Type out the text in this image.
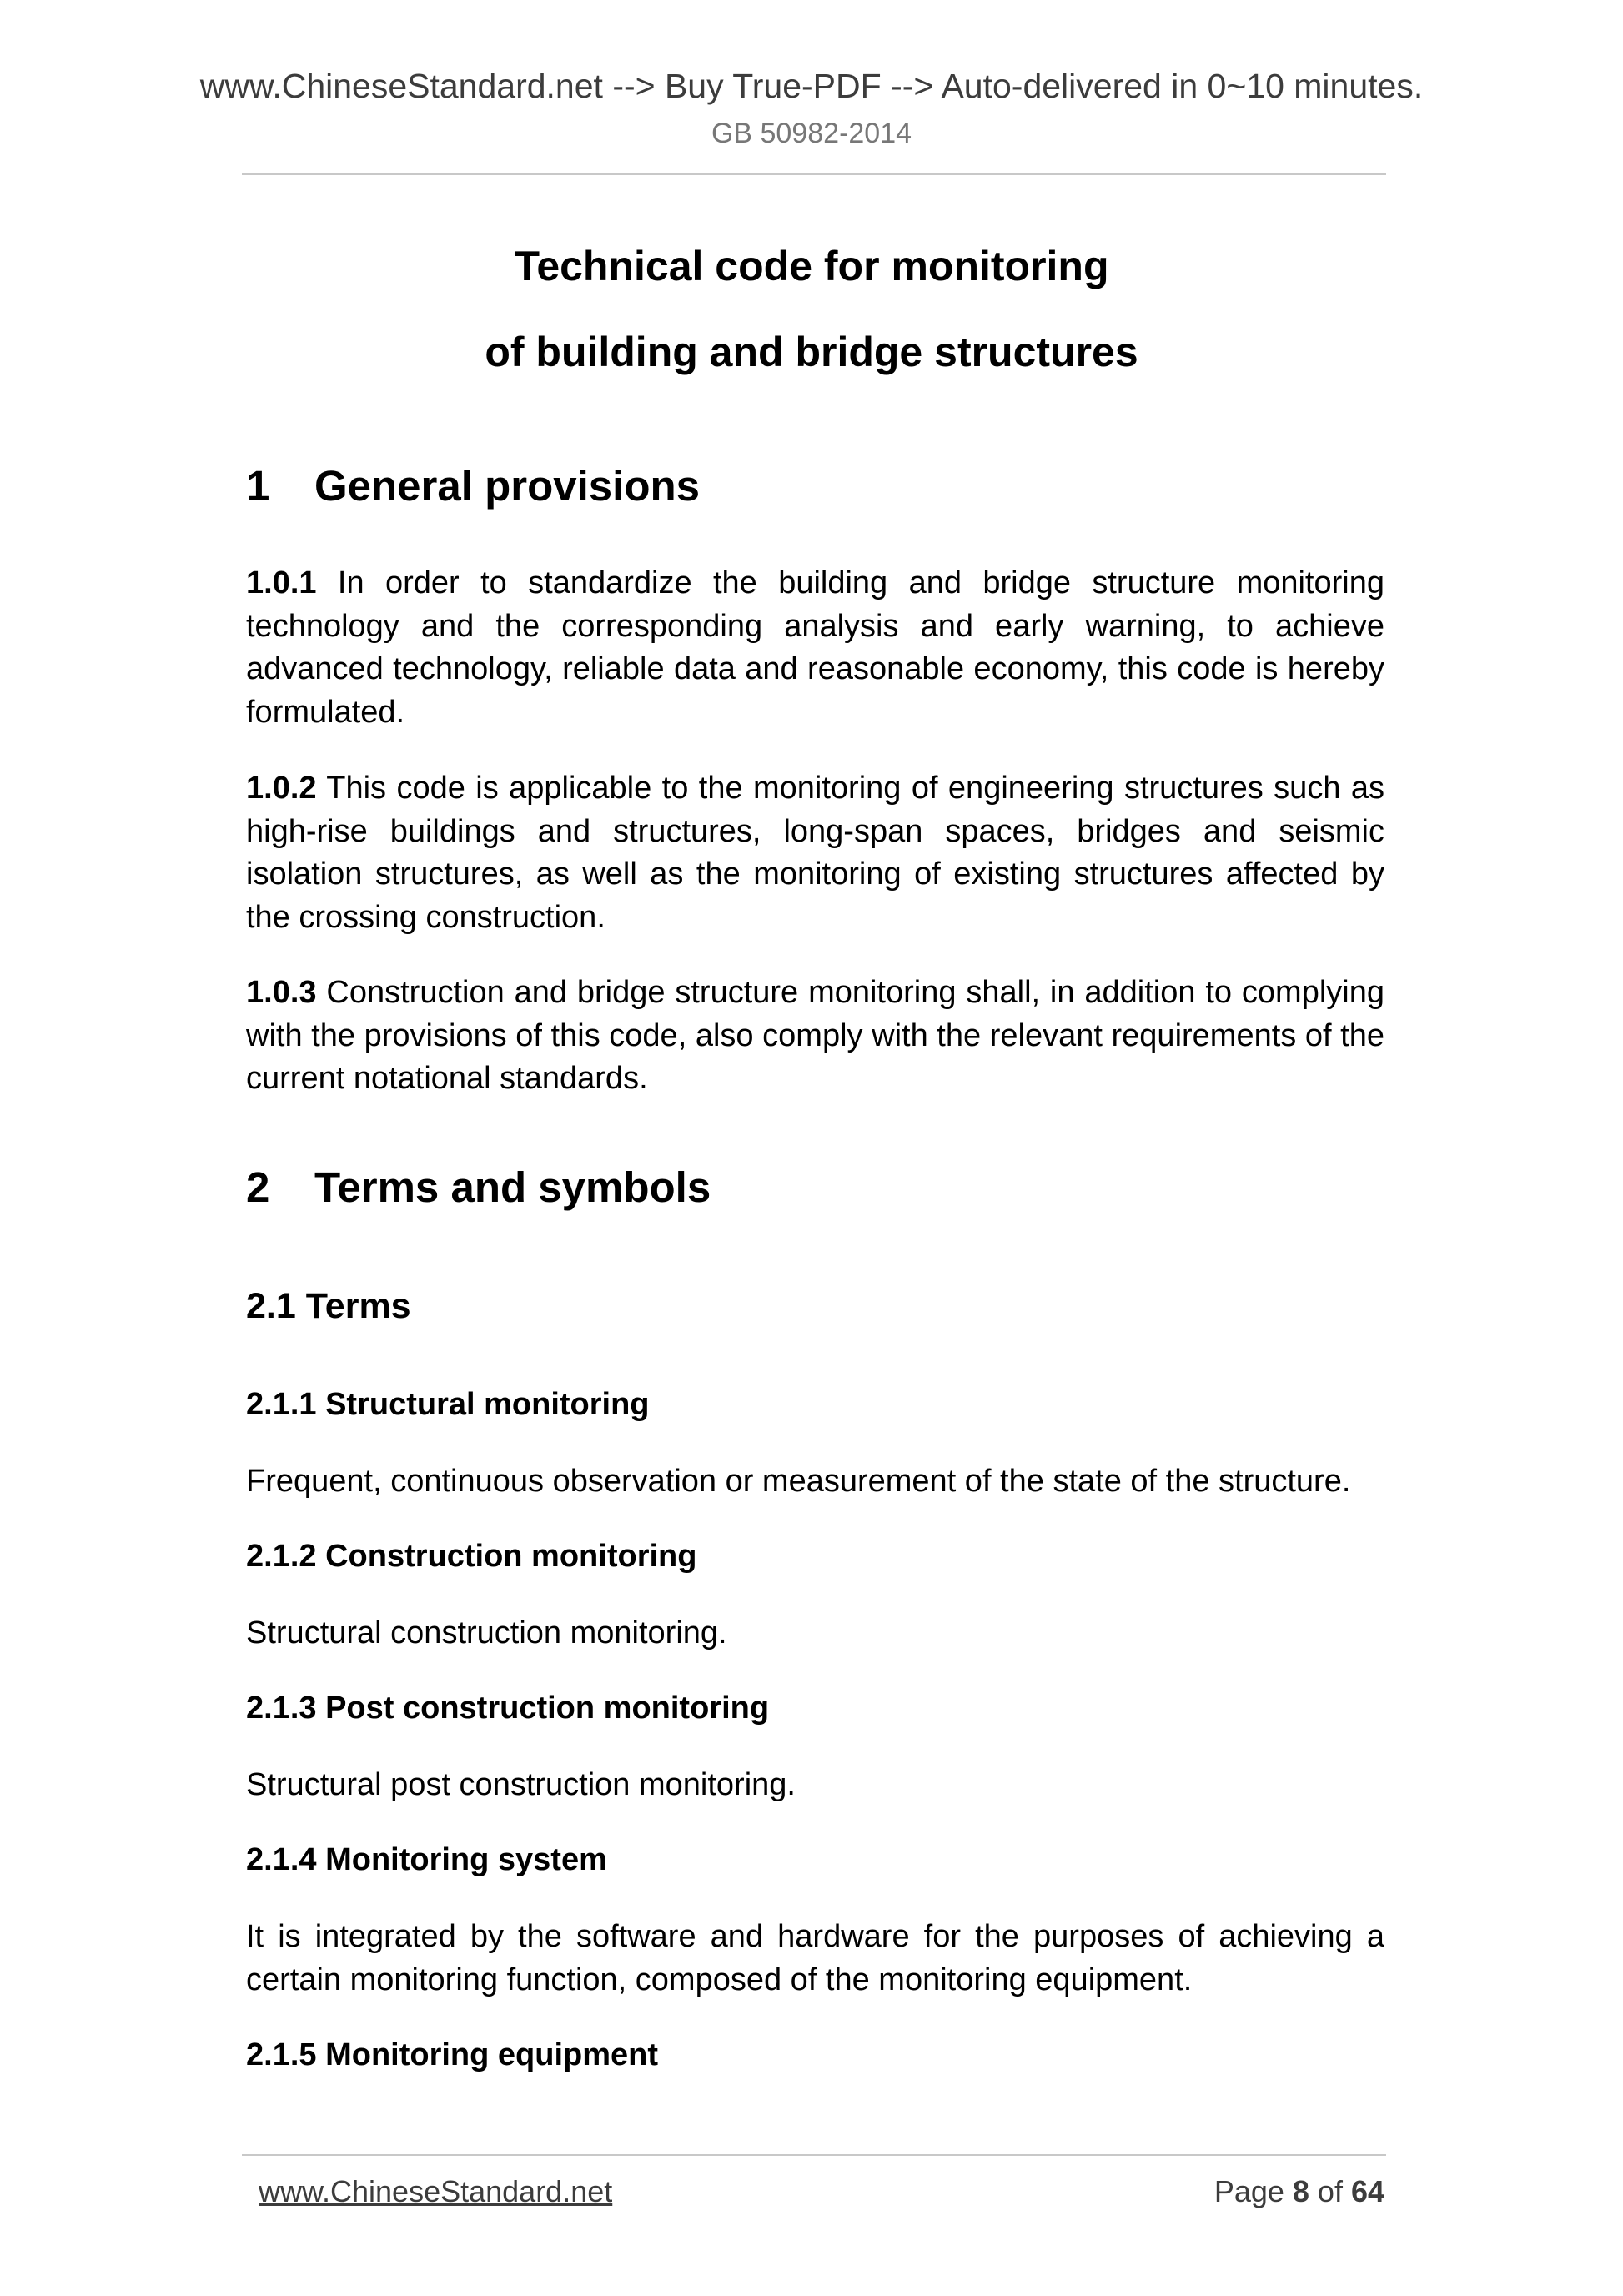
www.ChineseStandard.net --> Buy True-PDF --> Auto-delivered in 0~10 minutes.
GB 50982-2014
Technical code for monitoring
of building and bridge structures
1 General provisions
1.0.1 In order to standardize the building and bridge structure monitoring technology and the corresponding analysis and early warning, to achieve advanced technology, reliable data and reasonable economy, this code is hereby formulated.
1.0.2 This code is applicable to the monitoring of engineering structures such as high-rise buildings and structures, long-span spaces, bridges and seismic isolation structures, as well as the monitoring of existing structures affected by the crossing construction.
1.0.3 Construction and bridge structure monitoring shall, in addition to complying with the provisions of this code, also comply with the relevant requirements of the current notational standards.
2 Terms and symbols
2.1 Terms
2.1.1 Structural monitoring
Frequent, continuous observation or measurement of the state of the structure.
2.1.2 Construction monitoring
Structural construction monitoring.
2.1.3 Post construction monitoring
Structural post construction monitoring.
2.1.4 Monitoring system
It is integrated by the software and hardware for the purposes of achieving a certain monitoring function, composed of the monitoring equipment.
2.1.5 Monitoring equipment
www.ChineseStandard.net	Page 8 of 64
